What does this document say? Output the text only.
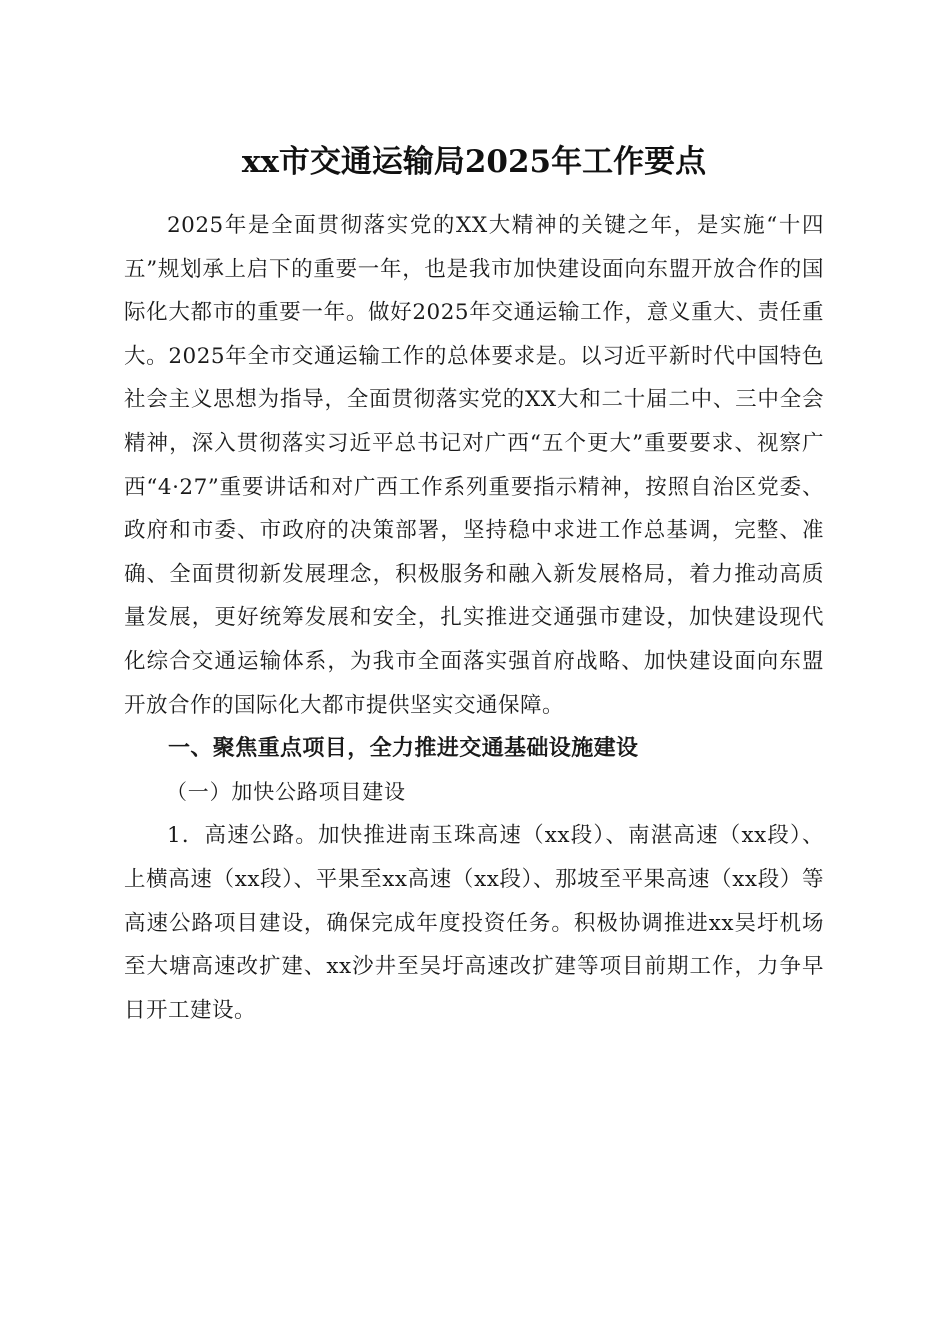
xx市交通运输局2025年工作要点

2025年是全面贯彻落实党的XX大精神的关键之年，是实施“十四五”规划承上启下的重要一年，也是我市加快建设面向东盟开放合作的国际化大都市的重要一年。做好2025年交通运输工作，意义重大、责任重大。2025年全市交通运输工作的总体要求是。以习近平新时代中国特色社会主义思想为指导，全面贯彻落实党的XX大和二十届二中、三中全会精神，深入贯彻落实习近平总书记对广西“五个更大”重要要求、视察广西“4·27”重要讲话和对广西工作系列重要指示精神，按照自治区党委、政府和市委、市政府的决策部署，坚持稳中求进工作总基调，完整、准确、全面贯彻新发展理念，积极服务和融入新发展格局，着力推动高质量发展，更好统筹发展和安全，扎实推进交通强市建设，加快建设现代化综合交通运输体系，为我市全面落实强首府战略、加快建设面向东盟开放合作的国际化大都市提供坚实交通保障。

一、聚焦重点项目，全力推进交通基础设施建设

（一）加快公路项目建设

1．高速公路。加快推进南玉珠高速（xx段）、南湛高速（xx段）、上横高速（xx段）、平果至xx高速（xx段）、那坡至平果高速（xx段）等高速公路项目建设，确保完成年度投资任务。积极协调推进xx吴圩机场至大塘高速改扩建、xx沙井至吴圩高速改扩建等项目前期工作，力争早日开工建设。
